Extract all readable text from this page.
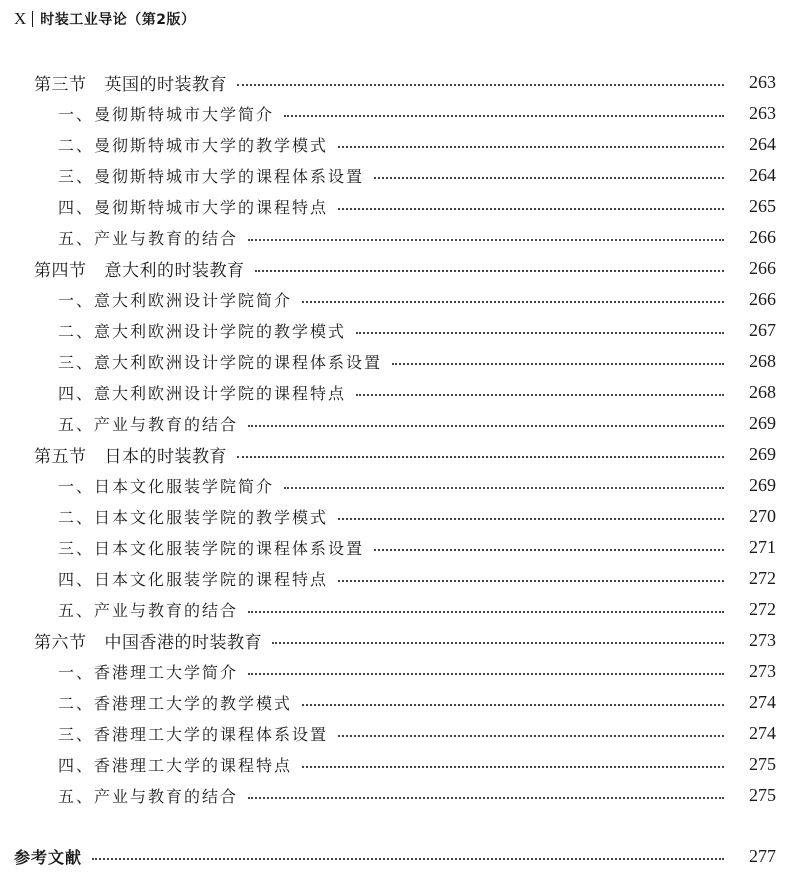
X 时装工业导论（第2版）
第三节 英国的时装教育	263
一、曼彻斯特城市大学简介	263
二、曼彻斯特城市大学的教学模式	264
三、曼彻斯特城市大学的课程体系设置	264
四、曼彻斯特城市大学的课程特点	265
五、产业与教育的结合	266
第四节 意大利的时装教育	266
一、意大利欧洲设计学院简介	266
二、意大利欧洲设计学院的教学模式	267
三、意大利欧洲设计学院的课程体系设置	268
四、意大利欧洲设计学院的课程特点	268
五、产业与教育的结合	269
第五节 日本的时装教育	269
一、日本文化服装学院简介	269
二、日本文化服装学院的教学模式	270
三、日本文化服装学院的课程体系设置	271
四、日本文化服装学院的课程特点	272
五、产业与教育的结合	272
第六节 中国香港的时装教育	273
一、香港理工大学简介	273
二、香港理工大学的教学模式	274
三、香港理工大学的课程体系设置	274
四、香港理工大学的课程特点	275
五、产业与教育的结合	275
参考文献	277
